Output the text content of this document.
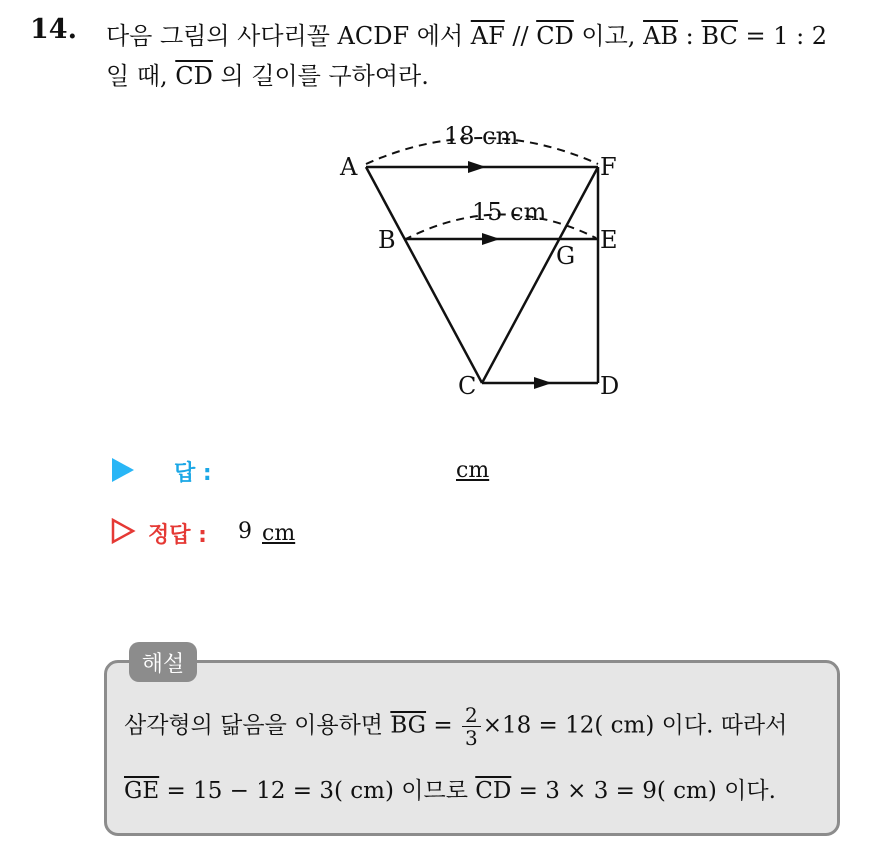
14. 다음 그림의 사다리꼴 ACDF 에서 $\overline{AF} // \overline{CD}$ 이고, $\overline{AB}$ : $\overline{BC} = 1$ : 2
일 때, $\overline{CD}$ 의 길이를 구하여라.
A	F
B	E
G
C	D
18 cm
15 cm
답 :	cm
정답 : 9 cm
해설
삼각형의 닮음을 이용하면 $\overline{BG} = \frac{2}{3} \times 18 = 12$( cm) 이다. 따라서
$\overline{GE} = 15 - 12 = 3$( cm) 이므로 $\overline{CD} = 3 \times 3 = 9$( cm) 이다.
